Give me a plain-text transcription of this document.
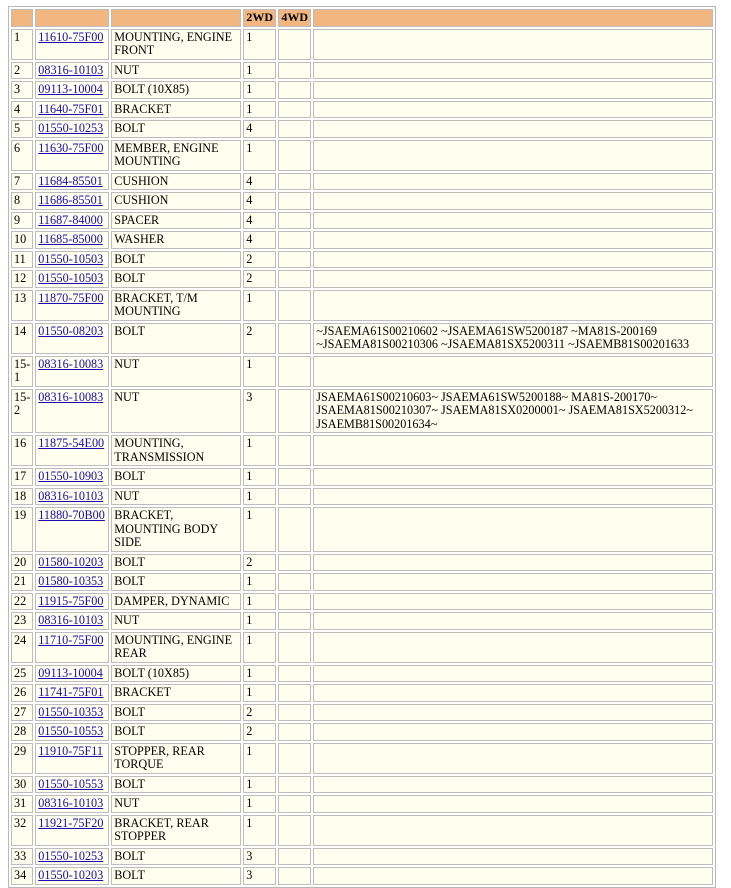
			2WD	4WD	
1	11610-75F00	MOUNTING, ENGINE FRONT	1		
2	08316-10103	NUT	1		
3	09113-10004	BOLT (10X85)	1		
4	11640-75F01	BRACKET	1		
5	01550-10253	BOLT	4		
6	11630-75F00	MEMBER, ENGINE MOUNTING	1		
7	11684-85501	CUSHION	4		
8	11686-85501	CUSHION	4		
9	11687-84000	SPACER	4		
10	11685-85000	WASHER	4		
11	01550-10503	BOLT	2		
12	01550-10503	BOLT	2		
13	11870-75F00	BRACKET, T/M MOUNTING	1		
14	01550-08203	BOLT	2		~JSAEMA61S00210602 ~JSAEMA61SW5200187 ~MA81S-200169 ~JSAEMA81S00210306 ~JSAEMA81SX5200311 ~JSAEMB81S00201633
15-1	08316-10083	NUT	1		
15-2	08316-10083	NUT	3		JSAEMA61S00210603~ JSAEMA61SW5200188~ MA81S-200170~ JSAEMA81S00210307~ JSAEMA81SX0200001~ JSAEMA81SX5200312~ JSAEMB81S00201634~
16	11875-54E00	MOUNTING, TRANSMISSION	1		
17	01550-10903	BOLT	1		
18	08316-10103	NUT	1		
19	11880-70B00	BRACKET, MOUNTING BODY SIDE	1		
20	01580-10203	BOLT	2		
21	01580-10353	BOLT	1		
22	11915-75F00	DAMPER, DYNAMIC	1		
23	08316-10103	NUT	1		
24	11710-75F00	MOUNTING, ENGINE REAR	1		
25	09113-10004	BOLT (10X85)	1		
26	11741-75F01	BRACKET	1		
27	01550-10353	BOLT	2		
28	01550-10553	BOLT	2		
29	11910-75F11	STOPPER, REAR TORQUE	1		
30	01550-10553	BOLT	1		
31	08316-10103	NUT	1		
32	11921-75F20	BRACKET, REAR STOPPER	1		
33	01550-10253	BOLT	3		
34	01550-10203	BOLT	3		
